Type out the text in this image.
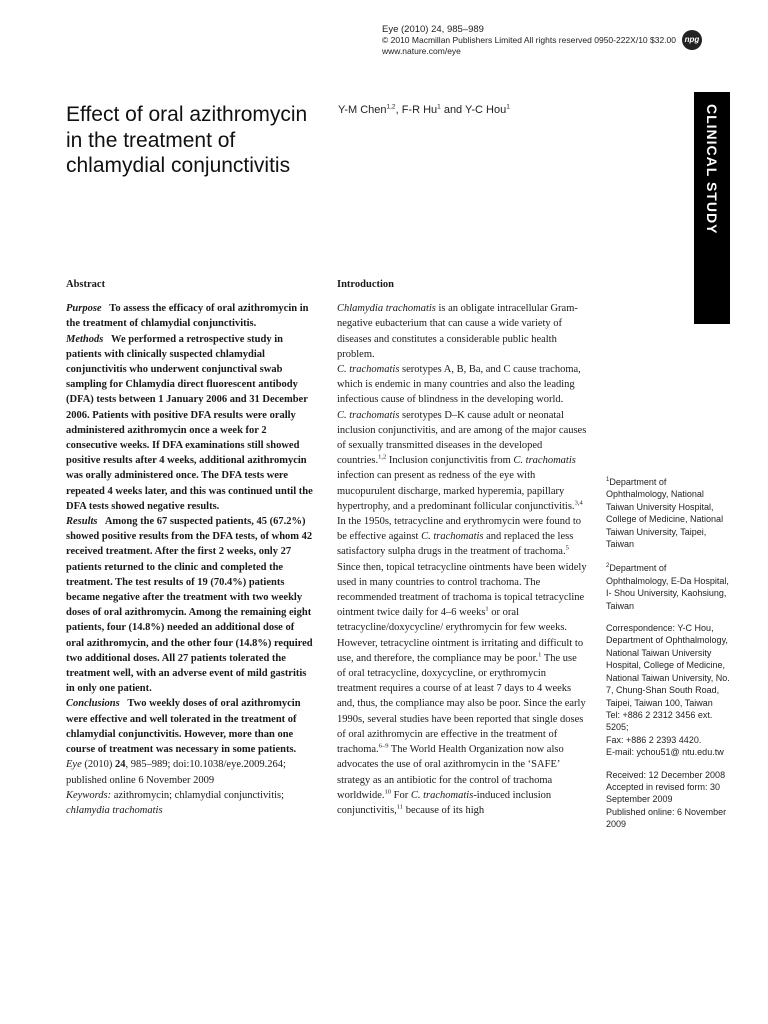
Eye (2010) 24, 985–989
© 2010 Macmillan Publishers Limited All rights reserved 0950-222X/10 $32.00
www.nature.com/eye
npg
Effect of oral azithromycin in the treatment of chlamydial conjunctivitis
Y-M Chen$^{1,2}$, F-R Hu$^1$ and Y-C Hou$^1$	CLINICAL STUDY
Abstract

Purpose To assess the efficacy of oral azithromycin in the treatment of chlamydial conjunctivitis.

Methods We performed a retrospective study in patients with clinically suspected chlamydial conjunctivitis who underwent conjunctival swab sampling for Chlamydia direct fluorescent antibody (DFA) tests between 1 January 2006 and 31 December 2006. Patients with positive DFA results were orally administered azithromycin once a week for 2 consecutive weeks. If DFA examinations still showed positive results after 4 weeks, additional azithromycin was orally administered once. The DFA tests were repeated 4 weeks later, and this was continued until the DFA tests showed negative results.

Results Among the 67 suspected patients, 45 (67.2%) showed positive results from the DFA tests, of whom 42 received treatment. After the first 2 weeks, only 27 patients returned to the clinic and completed the treatment. The test results of 19 (70.4%) patients became negative after the treatment with two weekly doses of oral azithromycin. Among the remaining eight patients, four (14.8%) needed an additional dose of oral azithromycin, and the other four (14.8%) required two additional doses. All 27 patients tolerated the treatment well, with an adverse event of mild gastritis in only one patient.

Conclusions Two weekly doses of oral azithromycin were effective and well tolerated in the treatment of chlamydial conjunctivitis. However, more than one course of treatment was necessary in some patients.

Eye (2010) 24, 985–989; doi:10.1038/eye.2009.264; published online 6 November 2009

Keywords: azithromycin; chlamydial conjunctivitis; chlamydia trachomatis

Introduction

Chlamydia trachomatis is an obligate intracellular Gram-negative eubacterium that can cause a wide variety of diseases and constitutes a considerable public health problem.

C. trachomatis serotypes A, B, Ba, and C cause trachoma, which is endemic in many countries and also the leading infectious cause of blindness in the developing world.

C. trachomatis serotypes D–K cause adult or neonatal inclusion conjunctivitis, and are among of the major causes of sexually transmitted diseases in the developed countries.$^{1,2}$ Inclusion conjunctivitis from C. trachomatis infection can present as redness of the eye with mucopurulent discharge, marked hyperemia, papillary hypertrophy, and a predominant follicular conjunctivitis.$^{3,4}$ In the 1950s, tetracycline and erythromycin were found to be effective against C. trachomatis and replaced the less satisfactory sulpha drugs in the treatment of trachoma.$^5$ Since then, topical tetracycline ointments have been widely used in many countries to control trachoma. The recommended treatment of trachoma is topical tetracycline ointment twice daily for 4–6 weeks$^1$ or oral tetracycline/doxycycline/ erythromycin for few weeks. However, tetracycline ointment is irritating and difficult to use, and therefore, the compliance may be poor.$^1$ The use of oral tetracycline, doxycycline, or erythromycin treatment requires a course of at least 7 days to 4 weeks and, thus, the compliance may also be poor. Since the early 1990s, several studies have been reported that single doses of oral azithromycin are effective in the treatment of trachoma.$^{6-9}$ The World Health Organization now also advocates the use of oral azithromycin in the ‘SAFE’ strategy as an antibiotic for the control of trachoma worldwide.$^{10}$ For C. trachomatis-induced inclusion conjunctivitis,$^{11}$ because of its high

$^1$Department of Ophthalmology, National Taiwan University Hospital, College of Medicine, National Taiwan University, Taipei, Taiwan
$^2$Department of Ophthalmology, E-Da Hospital, I- Shou University, Kaohsiung, Taiwan
Correspondence: Y-C Hou, Department of Ophthalmology, National Taiwan University Hospital, College of Medicine, National Taiwan University, No. 7, Chung-Shan South Road, Taipei, Taiwan 100, Taiwan
Tel: +886 2 2312 3456 ext. 5205;
Fax: +886 2 2393 4420.
E-mail: ychou51@ ntu.edu.tw
Received: 12 December 2008
Accepted in revised form: 30 September 2009
Published online: 6 November 2009
